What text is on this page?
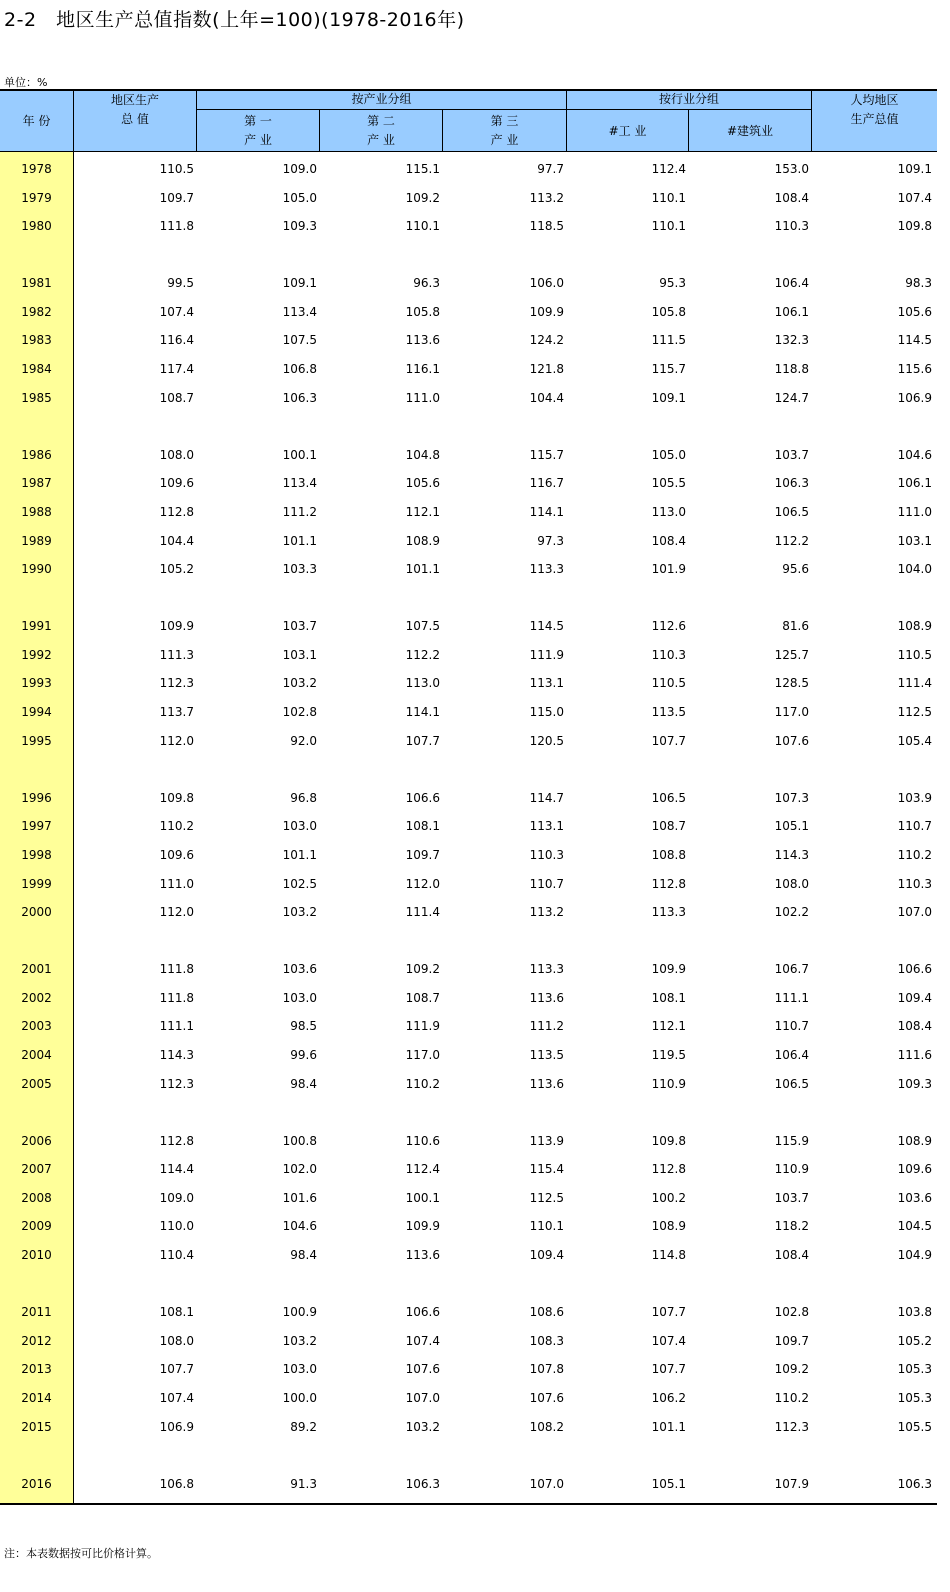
2-2   地区生产总值指数(上年=100)(1978-2016年)
单位：%
年 份
地区生产
总 值
按产业分组
第 一
产 业
第 二
产 业
第 三
产 业
按行业分组
#工 业	#建筑业
人均地区
生产总值
1978	110.5	109.0	115.1	97.7	112.4	153.0	109.1
1979	109.7	105.0	109.2	113.2	110.1	108.4	107.4
1980	111.8	109.3	110.1	118.5	110.1	110.3	109.8
1981	99.5	109.1	96.3	106.0	95.3	106.4	98.3
1982	107.4	113.4	105.8	109.9	105.8	106.1	105.6
1983	116.4	107.5	113.6	124.2	111.5	132.3	114.5
1984	117.4	106.8	116.1	121.8	115.7	118.8	115.6
1985	108.7	106.3	111.0	104.4	109.1	124.7	106.9
1986	108.0	100.1	104.8	115.7	105.0	103.7	104.6
1987	109.6	113.4	105.6	116.7	105.5	106.3	106.1
1988	112.8	111.2	112.1	114.1	113.0	106.5	111.0
1989	104.4	101.1	108.9	97.3	108.4	112.2	103.1
1990	105.2	103.3	101.1	113.3	101.9	95.6	104.0
1991	109.9	103.7	107.5	114.5	112.6	81.6	108.9
1992	111.3	103.1	112.2	111.9	110.3	125.7	110.5
1993	112.3	103.2	113.0	113.1	110.5	128.5	111.4
1994	113.7	102.8	114.1	115.0	113.5	117.0	112.5
1995	112.0	92.0	107.7	120.5	107.7	107.6	105.4
1996	109.8	96.8	106.6	114.7	106.5	107.3	103.9
1997	110.2	103.0	108.1	113.1	108.7	105.1	110.7
1998	109.6	101.1	109.7	110.3	108.8	114.3	110.2
1999	111.0	102.5	112.0	110.7	112.8	108.0	110.3
2000	112.0	103.2	111.4	113.2	113.3	102.2	107.0
2001	111.8	103.6	109.2	113.3	109.9	106.7	106.6
2002	111.8	103.0	108.7	113.6	108.1	111.1	109.4
2003	111.1	98.5	111.9	111.2	112.1	110.7	108.4
2004	114.3	99.6	117.0	113.5	119.5	106.4	111.6
2005	112.3	98.4	110.2	113.6	110.9	106.5	109.3
2006	112.8	100.8	110.6	113.9	109.8	115.9	108.9
2007	114.4	102.0	112.4	115.4	112.8	110.9	109.6
2008	109.0	101.6	100.1	112.5	100.2	103.7	103.6
2009	110.0	104.6	109.9	110.1	108.9	118.2	104.5
2010	110.4	98.4	113.6	109.4	114.8	108.4	104.9
2011	108.1	100.9	106.6	108.6	107.7	102.8	103.8
2012	108.0	103.2	107.4	108.3	107.4	109.7	105.2
2013	107.7	103.0	107.6	107.8	107.7	109.2	105.3
2014	107.4	100.0	107.0	107.6	106.2	110.2	105.3
2015	106.9	89.2	103.2	108.2	101.1	112.3	105.5
2016	106.8	91.3	106.3	107.0	105.1	107.9	106.3
注：本表数据按可比价格计算。
